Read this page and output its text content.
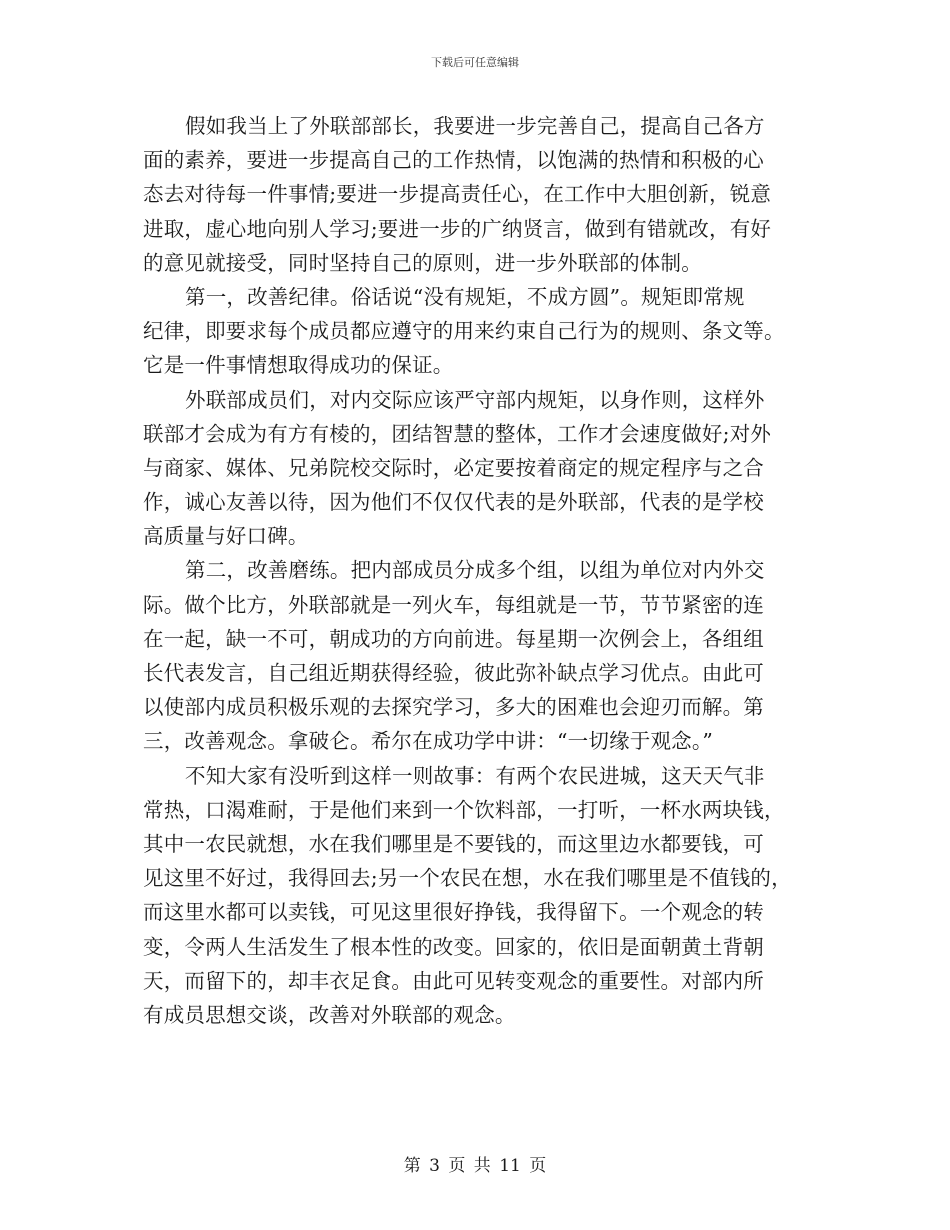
下载后可任意编辑
假如我当上了外联部部长，我要进一步完善自己，提高自己各方
面的素养，要进一步提高自己的工作热情，以饱满的热情和积极的心
态去对待每一件事情;要进一步提高责任心，在工作中大胆创新，锐意
进取，虚心地向别人学习;要进一步的广纳贤言，做到有错就改，有好
的意见就接受，同时坚持自己的原则，进一步外联部的体制。
第一，改善纪律。俗话说“没有规矩，不成方圆”。规矩即常规
纪律，即要求每个成员都应遵守的用来约束自己行为的规则、条文等。
它是一件事情想取得成功的保证。
外联部成员们，对内交际应该严守部内规矩，以身作则，这样外
联部才会成为有方有棱的，团结智慧的整体，工作才会速度做好;对外
与商家、媒体、兄弟院校交际时，必定要按着商定的规定程序与之合
作，诚心友善以待，因为他们不仅仅代表的是外联部，代表的是学校
高质量与好口碑。
第二，改善磨练。把内部成员分成多个组，以组为单位对内外交
际。做个比方，外联部就是一列火车，每组就是一节，节节紧密的连
在一起，缺一不可，朝成功的方向前进。每星期一次例会上，各组组
长代表发言，自己组近期获得经验，彼此弥补缺点学习优点。由此可
以使部内成员积极乐观的去探究学习，多大的困难也会迎刃而解。第
三，改善观念。拿破仑。希尔在成功学中讲：“一切缘于观念。”
不知大家有没听到这样一则故事：有两个农民进城，这天天气非
常热，口渴难耐，于是他们来到一个饮料部，一打听，一杯水两块钱，
其中一农民就想，水在我们哪里是不要钱的，而这里边水都要钱，可
见这里不好过，我得回去;另一个农民在想，水在我们哪里是不值钱的，
而这里水都可以卖钱，可见这里很好挣钱，我得留下。一个观念的转
变，令两人生活发生了根本性的改变。回家的，依旧是面朝黄土背朝
天，而留下的，却丰衣足食。由此可见转变观念的重要性。对部内所
有成员思想交谈，改善对外联部的观念。
第 3 页 共 11 页
